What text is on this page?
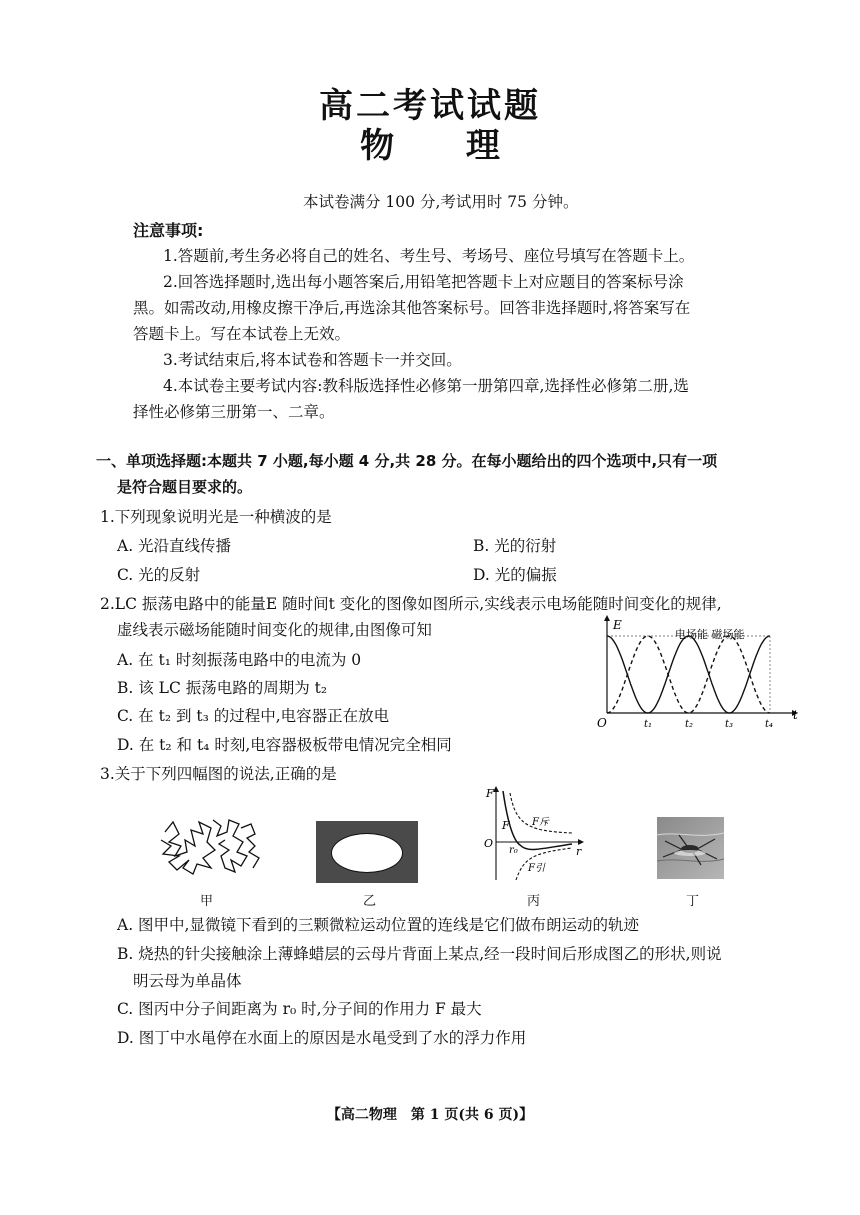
高二考试试题
物 理
本试卷满分 100 分,考试用时 75 分钟。
注意事项:
1.答题前,考生务必将自己的姓名、考生号、考场号、座位号填写在答题卡上。
2.回答选择题时,选出每小题答案后,用铅笔把答题卡上对应题目的答案标号涂
黑。如需改动,用橡皮擦干净后,再选涂其他答案标号。回答非选择题时,将答案写在
答题卡上。写在本试卷上无效。
3.考试结束后,将本试卷和答题卡一并交回。
4.本试卷主要考试内容:教科版选择性必修第一册第四章,选择性必修第二册,选
择性必修第三册第一、二章。
一、单项选择题:本题共 7 小题,每小题 4 分,共 28 分。在每小题给出的四个选项中,只有一项
是符合题目要求的。
1.下列现象说明光是一种横波的是
A. 光沿直线传播	B. 光的衍射
C. 光的反射	D. 光的偏振
2.LC 振荡电路中的能量E 随时间t 变化的图像如图所示,实线表示电场能随时间变化的规律,
虚线表示磁场能随时间变化的规律,由图像可知
A. 在 t₁ 时刻振荡电路中的电流为 0
B. 该 LC 振荡电路的周期为 t₂
C. 在 t₂ 到 t₃ 的过程中,电容器正在放电
D. 在 t₂ 和 t₄ 时刻,电容器极板带电情况完全相同
E
t
O
电场能 磁场能
t₁	t₂	t₃	t₄
3.关于下列四幅图的说法,正确的是
F
r
O
r₀
F F斥
F引
甲	乙	丙	丁
A. 图甲中,显微镜下看到的三颗微粒运动位置的连线是它们做布朗运动的轨迹
B. 烧热的针尖接触涂上薄蜂蜡层的云母片背面上某点,经一段时间后形成图乙的形状,则说
明云母为单晶体
C. 图丙中分子间距离为 r₀ 时,分子间的作用力 F 最大
D. 图丁中水黾停在水面上的原因是水黾受到了水的浮力作用
【高二物理　第 1 页(共 6 页)】
